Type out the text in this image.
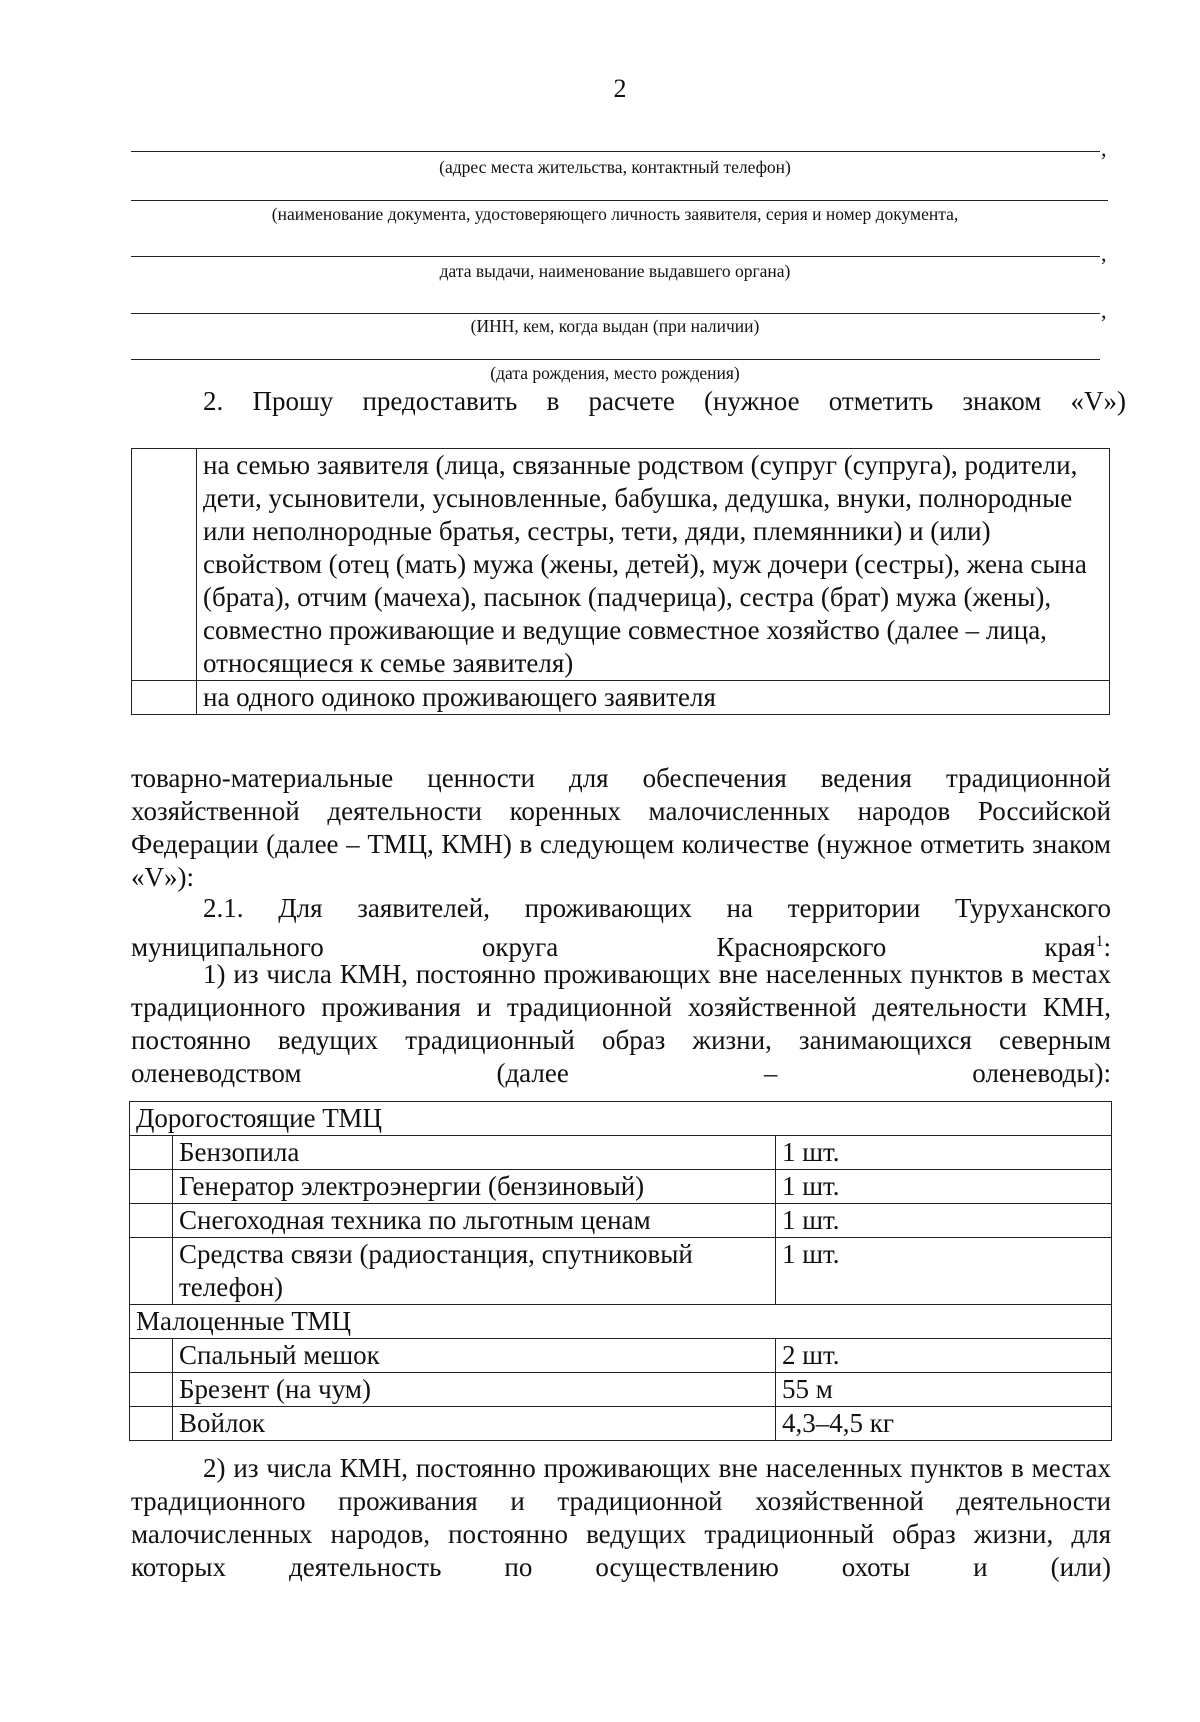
2
,
(адрес места жительства, контактный телефон)
(наименование документа, удостоверяющего личность заявителя, серия и номер документа,
,
дата выдачи, наименование выдавшего органа)
,
(ИНН, кем, когда выдан (при наличии)
(дата рождения, место рождения)
2. Прошу предоставить в расчете (нужное отметить знаком «V»)
	на семью заявителя (лица, связанные родством (супруг (супруга), родители, дети, усыновители, усыновленные, бабушка, дедушка, внуки, полнородные или неполнородные братья, сестры, тети, дяди, племянники) и (или) свойством (отец (мать) мужа (жены, детей), муж дочери (сестры), жена сына (брата), отчим (мачеха), пасынок (падчерица), сестра (брат) мужа (жены), совместно проживающие и ведущие совместное хозяйство (далее – лица, относящиеся к семье заявителя)
	на одного одиноко проживающего заявителя
товарно-материальные ценности для обеспечения ведения традиционной хозяйственной деятельности коренных малочисленных народов Российской Федерации (далее – ТМЦ, КМН) в следующем количестве (нужное отметить знаком «V»):
2.1. Для заявителей, проживающих на территории Туруханского муниципального округа Красноярского края$^1$:
1) из числа КМН, постоянно проживающих вне населенных пунктов в местах традиционного проживания и традиционной хозяйственной деятельности КМН, постоянно ведущих традиционный образ жизни, занимающихся северным оленеводством (далее – оленеводы):
Дорогостоящие ТМЦ		
	Бензопила	1 шт.
	Генератор электроэнергии (бензиновый)	1 шт.
	Снегоходная техника по льготным ценам	1 шт.
	Средства связи (радиостанция, спутниковый телефон)	1 шт.
Малоценные ТМЦ		
	Спальный мешок	2 шт.
	Брезент (на чум)	55 м
	Войлок	4,3–4,5 кг
2) из числа КМН, постоянно проживающих вне населенных пунктов в местах традиционного проживания и традиционной хозяйственной деятельности малочисленных народов, постоянно ведущих традиционный образ жизни, для которых деятельность по осуществлению охоты и (или)
